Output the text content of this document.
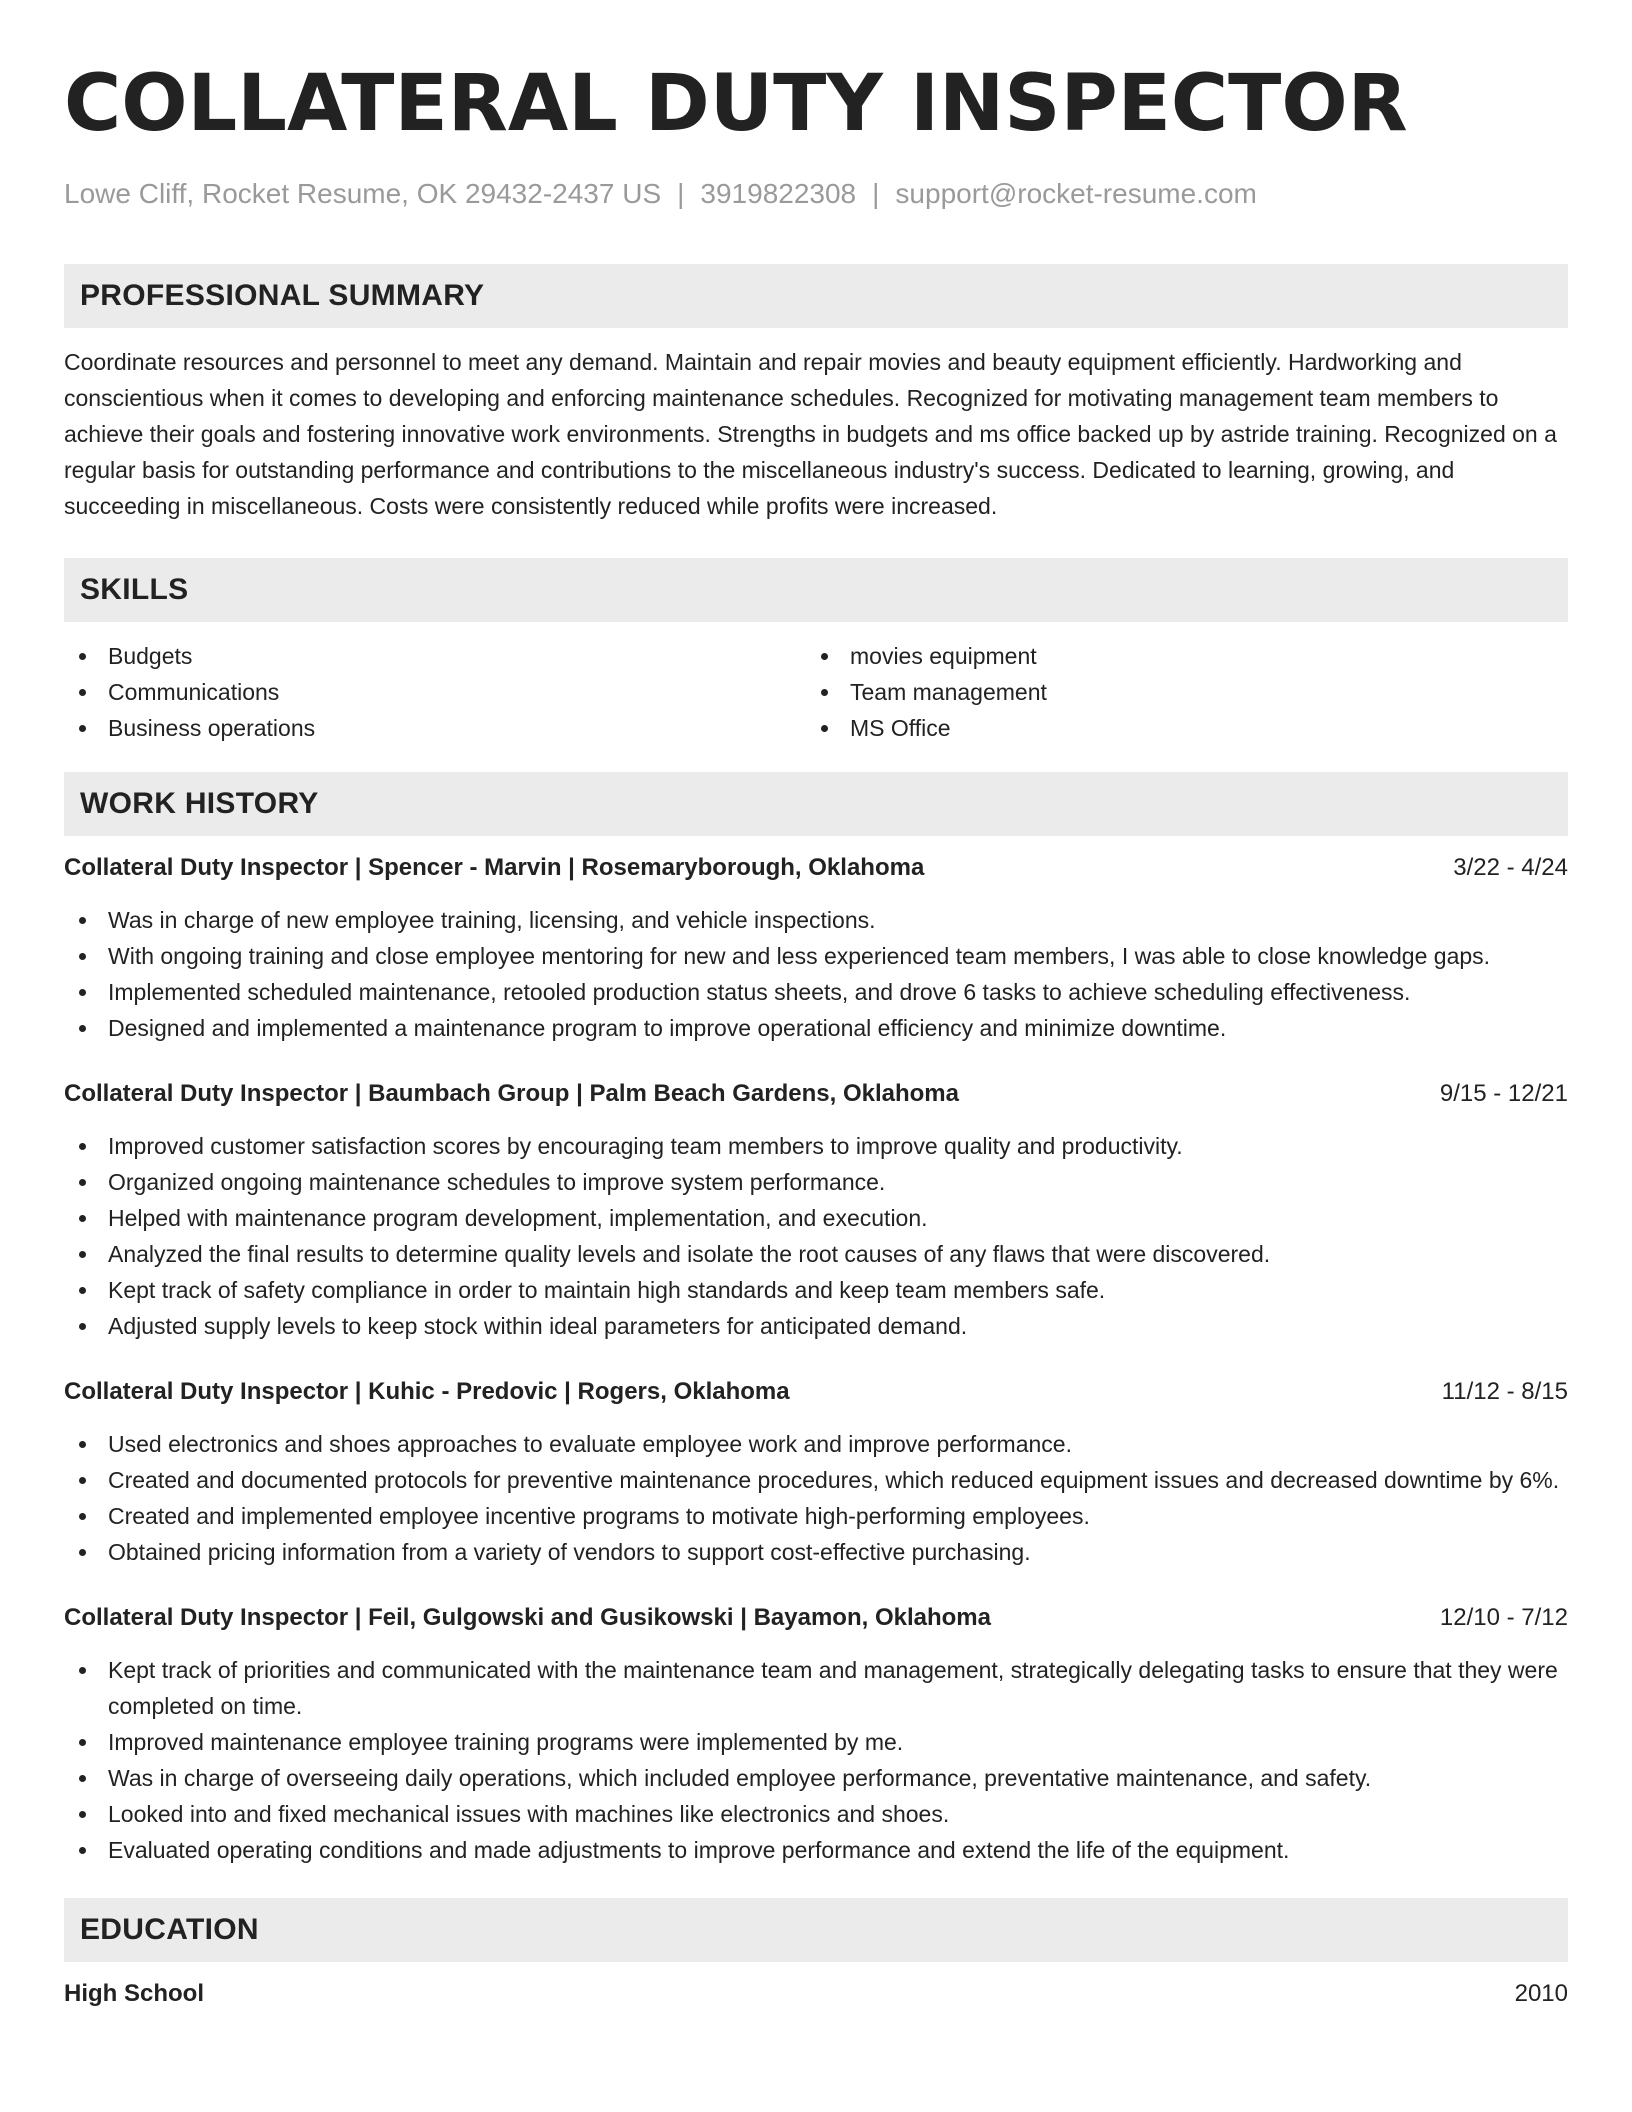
COLLATERAL DUTY INSPECTOR
Lowe Cliff, Rocket Resume, OK 29432-2437 US | 3919822308 | support@rocket-resume.com
PROFESSIONAL SUMMARY

Coordinate resources and personnel to meet any demand. Maintain and repair movies and beauty equipment efficiently. Hardworking and conscientious when it comes to developing and enforcing maintenance schedules. Recognized for motivating management team members to achieve their goals and fostering innovative work environments. Strengths in budgets and ms office backed up by astride training. Recognized on a regular basis for outstanding performance and contributions to the miscellaneous industry's success. Dedicated to learning, growing, and succeeding in miscellaneous. Costs were consistently reduced while profits were increased.

SKILLS
Budgets
Communications
Business operations
movies equipment
Team management
MS Office
WORK HISTORY
Collateral Duty Inspector | Spencer - Marvin | Rosemaryborough, Oklahoma	3/22 - 4/24
Was in charge of new employee training, licensing, and vehicle inspections.
With ongoing training and close employee mentoring for new and less experienced team members, I was able to close knowledge gaps.
Implemented scheduled maintenance, retooled production status sheets, and drove 6 tasks to achieve scheduling effectiveness.
Designed and implemented a maintenance program to improve operational efficiency and minimize downtime.
Collateral Duty Inspector | Baumbach Group | Palm Beach Gardens, Oklahoma	9/15 - 12/21
Improved customer satisfaction scores by encouraging team members to improve quality and productivity.
Organized ongoing maintenance schedules to improve system performance.
Helped with maintenance program development, implementation, and execution.
Analyzed the final results to determine quality levels and isolate the root causes of any flaws that were discovered.
Kept track of safety compliance in order to maintain high standards and keep team members safe.
Adjusted supply levels to keep stock within ideal parameters for anticipated demand.
Collateral Duty Inspector | Kuhic - Predovic | Rogers, Oklahoma	11/12 - 8/15
Used electronics and shoes approaches to evaluate employee work and improve performance.
Created and documented protocols for preventive maintenance procedures, which reduced equipment issues and decreased downtime by 6%.
Created and implemented employee incentive programs to motivate high-performing employees.
Obtained pricing information from a variety of vendors to support cost-effective purchasing.
Collateral Duty Inspector | Feil, Gulgowski and Gusikowski | Bayamon, Oklahoma	12/10 - 7/12
Kept track of priorities and communicated with the maintenance team and management, strategically delegating tasks to ensure that they were completed on time.
Improved maintenance employee training programs were implemented by me.
Was in charge of overseeing daily operations, which included employee performance, preventative maintenance, and safety.
Looked into and fixed mechanical issues with machines like electronics and shoes.
Evaluated operating conditions and made adjustments to improve performance and extend the life of the equipment.
EDUCATION
High School	2010
